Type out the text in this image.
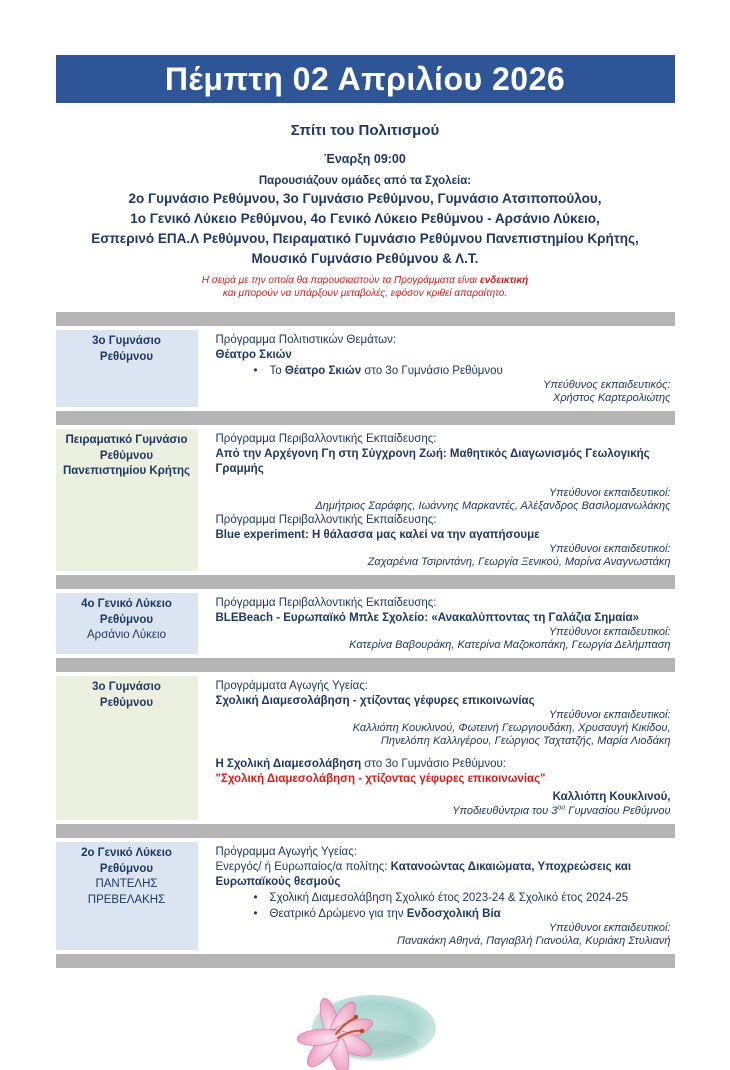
Πέμπτη 02 Απριλίου 2026
Σπίτι του Πολιτισμού
Έναρξη 09:00
Παρουσιάζουν ομάδες από τα Σχολεία:
2ο Γυμνάσιο Ρεθύμνου, 3ο Γυμνάσιο Ρεθύμνου, Γυμνάσιο Ατσιποπούλου,
1ο Γενικό Λύκειο Ρεθύμνου, 4ο Γενικό Λύκειο Ρεθύμνου - Αρσάνιο Λύκειο,
Εσπερινό ΕΠΑ.Λ Ρεθύμνου, Πειραματικό Γυμνάσιο Ρεθύμνου Πανεπιστημίου Κρήτης,
Μουσικό Γυμνάσιο Ρεθύμνου & Λ.Τ.
Η σειρά με την οποία θα παρουσιαστούν τα Προγράμματα είναι ενδεικτική
και μπορούν να υπάρξουν μεταβολές, εφόσον κριθεί απαραίτητο.
3ο Γυμνάσιο
Ρεθύμνου
Πρόγραμμα Πολιτιστικών Θεμάτων:
Θέατρο Σκιών
• Το Θέατρο Σκιών στο 3ο Γυμνάσιο Ρεθύμνου
Υπεύθυνος εκπαιδευτικός:
Χρήστος Καρτερολιώτης
Πειραματικό Γυμνάσιο
Ρεθύμνου
Πανεπιστημίου Κρήτης
Πρόγραμμα Περιβαλλοντικής Εκπαίδευσης:
Από την Αρχέγονη Γη στη Σύγχρονη Ζωή: Μαθητικός Διαγωνισμός Γεωλογικής Γραμμής
Υπεύθυνοι εκπαιδευτικοί:
Δημήτριος Σαράφης, Ιωάννης Μαρκαντές, Αλέξανδρος Βασιλομανωλάκης
Πρόγραμμα Περιβαλλοντικής Εκπαίδευσης:
Blue experiment: Η θάλασσα μας καλεί να την αγαπήσουμε
Υπεύθυνοι εκπαιδευτικοί:
Ζαχαρένια Τσιριντάνη, Γεωργία Ξενικού, Μαρίνα Αναγνωστάκη
4ο Γενικό Λύκειο
Ρεθύμνου
Αρσάνιο Λύκειο
Πρόγραμμα Περιβαλλοντικής Εκπαίδευσης:
BLEBeach - Ευρωπαϊκό Μπλε Σχολείο: «Ανακαλύπτοντας τη Γαλάζια Σημαία»
Υπεύθυνοι εκπαιδευτικοί:
Κατερίνα Βαβουράκη, Κατερίνα Μαζοκοπάκη, Γεωργία Δελήμπαση
3ο Γυμνάσιο
Ρεθύμνου
Προγράμματα Αγωγής Υγείας:
Σχολική Διαμεσολάβηση - χτίζοντας γέφυρες επικοινωνίας
Υπεύθυνοι εκπαιδευτικοί:
Καλλιόπη Κουκλινού, Φωτεινή Γεωργιουδάκη, Χρυσαυγή Κικίδου,
Πηνελόπη Καλλιγέρου, Γεώργιος Ταχτατζής, Μαρία Λιοδάκη
Η Σχολική Διαμεσολάβηση στο 3ο Γυμνάσιο Ρεθύμνου:
"Σχολική Διαμεσολάβηση - χτίζοντας γέφυρες επικοινωνίας"
Καλλιόπη Κουκλινού,
Υποδιευθύντρια του $3^{o\upsilon}$ Γυμνασίου Ρεθύμνου
2ο Γενικό Λύκειο
Ρεθύμνου
ΠΑΝΤΕΛΗΣ ΠΡΕΒΕΛΑΚΗΣ
Πρόγραμμα Αγωγής Υγείας:
Ενεργός/ ή Ευρωπαίος/α πολίτης: Κατανοώντας Δικαιώματα, Υποχρεώσεις και Ευρωπαϊκούς θεσμούς
• Σχολική Διαμεσολάβηση Σχολικό έτος 2023-24 & Σχολικό έτος 2024-25
• Θεατρικό Δρώμενο για την Ενδοσχολική Βία
Υπεύθυνοι εκπαιδευτικοί:
Πανακάκη Αθηνά, Παγιαβλή Γιανούλα, Κυριάκη Στυλιανή
